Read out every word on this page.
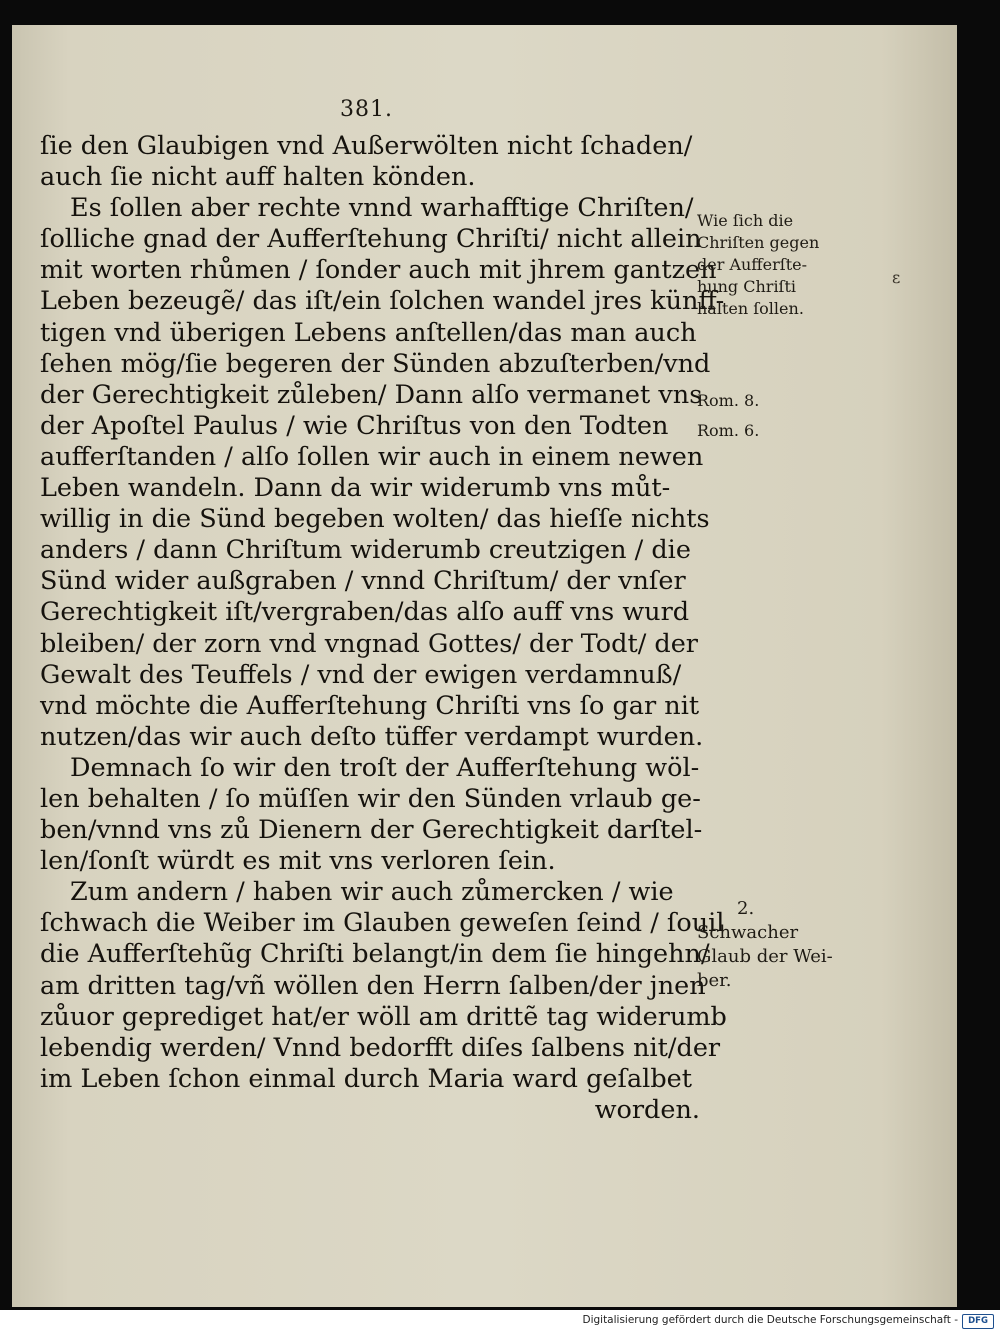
381.
ſie den Glaubigen vnd Außerwölten nicht ſchaden/
auch ſie nicht auff halten könden.
Es ſollen aber rechte vnnd warhafftige Chriſten/
ſolliche gnad der Aufferſtehung Chriſti/ nicht allein
mit worten rhůmen / ſonder auch mit jhrem gantzen
Leben bezeugẽ/ das iſt/ein ſolchen wandel jres künff-
tigen vnd überigen Lebens anſtellen/das man auch
ſehen mög/ſie begeren der Sünden abzuſterben/vnd
der Gerechtigkeit zůleben/ Dann alſo vermanet vns
der Apoſtel Paulus / wie Chriſtus von den Todten
aufferſtanden / alſo ſollen wir auch in einem newen
Leben wandeln. Dann da wir widerumb vns můt-
willig in die Sünd begeben wolten/ das hieſſe nichts
anders / dann Chriſtum widerumb creutzigen / die
Sünd wider außgraben / vnnd Chriſtum/ der vnſer
Gerechtigkeit iſt/vergraben/das alſo auff vns wurd
bleiben/ der zorn vnd vngnad Gottes/ der Todt/ der
Gewalt des Teuffels / vnd der ewigen verdamnuß/
vnd möchte die Aufferſtehung Chriſti vns ſo gar nit
nutzen/das wir auch deſto tüffer verdampt wurden.
Demnach ſo wir den troſt der Aufferſtehung wöl-
len behalten / ſo müſſen wir den Sünden vrlaub ge-
ben/vnnd vns zů Dienern der Gerechtigkeit darſtel-
len/ſonſt würdt es mit vns verloren ſein.
Zum andern / haben wir auch zůmercken / wie
ſchwach die Weiber im Glauben geweſen ſeind / ſouil
die Aufferſtehũg Chriſti belangt/in dem ſie hingehn/
am dritten tag/vñ wöllen den Herrn ſalben/der jnen
zůuor geprediget hat/er wöll am drittẽ tag widerumb
lebendig werden/ Vnnd bedorfft diſes ſalbens nit/der
im Leben ſchon einmal durch Maria ward geſalbet
worden.
Wie ſich die
Chriſten gegen
der Aufferſte-
hung Chriſti
halten ſollen.
Rom. 8.
Rom. 6.
2.
Schwacher
Glaub der Wei-
ber.
ε
Digitalisierung gefördert durch die Deutsche Forschungsgemeinschaft -	DFG
